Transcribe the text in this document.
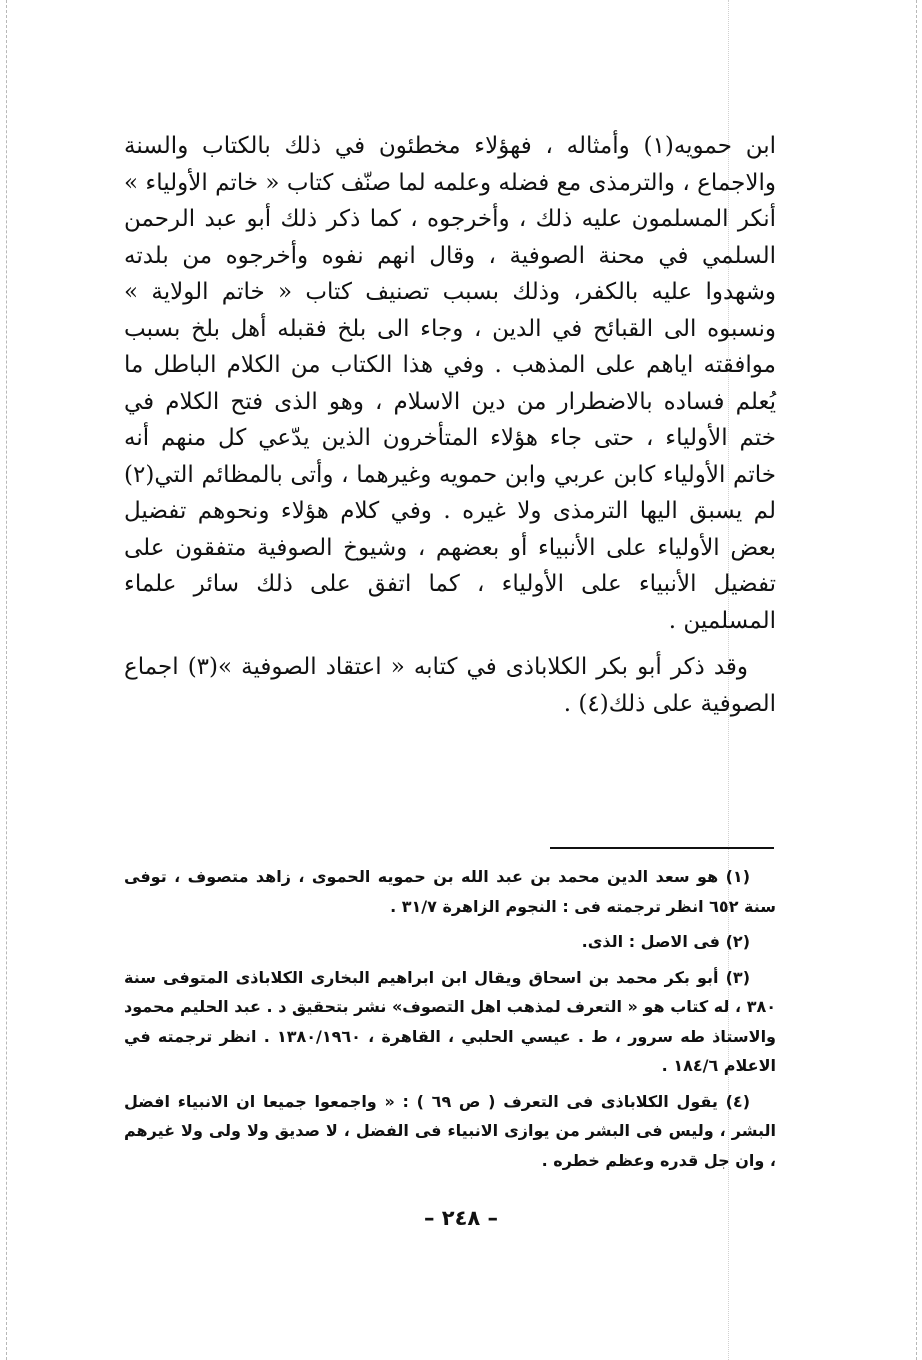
ابن حمويه(١) وأمثاله ، فهؤلاء مخطئون في ذلك بالكتاب والسنة والاجماع ، والترمذى مع فضله وعلمه لما صنّف كتاب « خاتم الأولياء » أنكر المسلمون عليه ذلك ، وأخرجوه ، كما ذكر ذلك أبو عبد الرحمن السلمي في محنة الصوفية ، وقال انهم نفوه وأخرجوه من بلدته وشهدوا عليه بالكفر، وذلك بسبب تصنيف كتاب « خاتم الولاية » ونسبوه الى القبائح في الدين ، وجاء الى بلخ فقبله أهل بلخ بسبب موافقته اياهم على المذهب . وفي هذا الكتاب من الكلام الباطل ما يُعلم فساده بالاضطرار من دين الاسلام ، وهو الذى فتح الكلام في ختم الأولياء ، حتى جاء هؤلاء المتأخرون الذين يدّعي كل منهم أنه خاتم الأولياء كابن عربي وابن حمويه وغيرهما ، وأتى بالمظائم التي(٢) لم يسبق اليها الترمذى ولا غيره . وفي كلام هؤلاء ونحوهم تفضيل بعض الأولياء على الأنبياء أو بعضهم ، وشيوخ الصوفية متفقون على تفضيل الأنبياء على الأولياء ، كما اتفق على ذلك سائر علماء المسلمين .

وقد ذكر أبو بكر الكلاباذى في كتابه « اعتقاد الصوفية »(٣) اجماع الصوفية على ذلك(٤) .

(١) هو سعد الدين محمد بن عبد الله بن حمويه الحموى ، زاهد متصوف ، توفى سنة ٦٥٢ انظر ترجمته فى : النجوم الزاهرة ٣١/٧ .

(٢) فى الاصل : الذى.

(٣) أبو بكر محمد بن اسحاق ويقال ابن ابراهيم البخارى الكلاباذى المتوفى سنة ٣٨٠ ، له كتاب هو « التعرف لمذهب اهل التصوف» نشر بتحقيق د . عبد الحليم محمود والاستاذ طه سرور ، ط . عيسي الحلبي ، القاهرة ، ١٣٨٠/١٩٦٠ . انظر ترجمته في الاعلام ١٨٤/٦ .

(٤) يقول الكلاباذى فى التعرف ( ص ٦٩ ) : « واجمعوا جميعا ان الانبياء افضل البشر ، وليس فى البشر من يوازى الانبياء فى الفضل ، لا صديق ولا ولى ولا غيرهم ، وان جل قدره وعظم خطره .

– ٢٤٨ –
